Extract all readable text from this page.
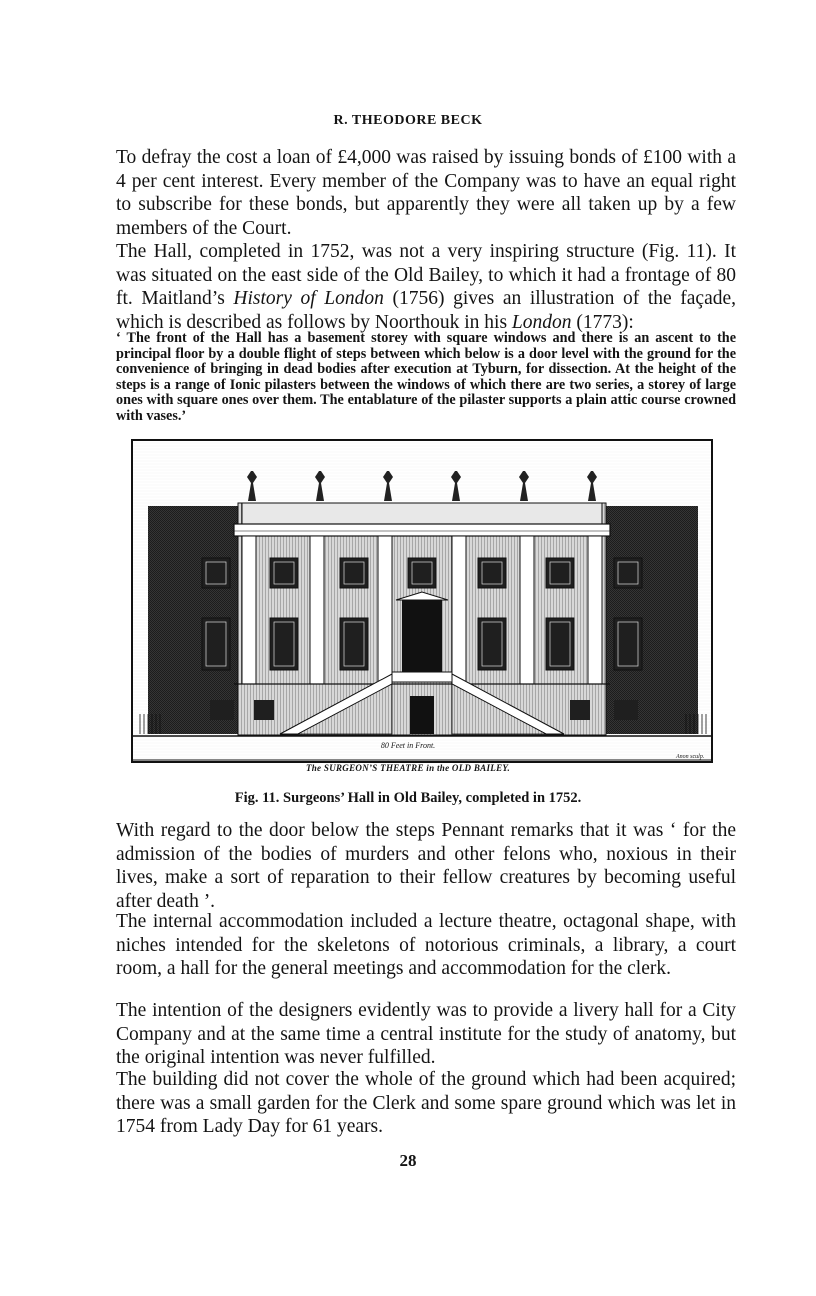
R. THEODORE BECK

To defray the cost a loan of £4,000 was raised by issuing bonds of £100 with a 4 per cent interest. Every member of the Company was to have an equal right to subscribe for these bonds, but apparently they were all taken up by a few members of the Court.

The Hall, completed in 1752, was not a very inspiring structure (Fig. 11). It was situated on the east side of the Old Bailey, to which it had a frontage of 80 ft. Maitland’s History of London (1756) gives an illustration of the façade, which is described as follows by Noorthouk in his London (1773):

‘ The front of the Hall has a basement storey with square windows and there is an ascent to the principal floor by a double flight of steps between which below is a door level with the ground for the convenience of bringing in dead bodies after execution at Tyburn, for dissection. At the height of the steps is a range of Ionic pilasters between the windows of which there are two series, a storey of large ones with square ones over them. The entablature of the pilaster supports a plain attic course crowned with vases.’

80 Feet in Front.
The SURGEON’S THEATRE in the OLD BAILEY.
Anon sculp.
Fig. 11. Surgeons’ Hall in Old Bailey, completed in 1752.

With regard to the door below the steps Pennant remarks that it was ‘ for the admission of the bodies of murders and other felons who, noxious in their lives, make a sort of reparation to their fellow creatures by becoming useful after death ’.

The internal accommodation included a lecture theatre, octagonal shape, with niches intended for the skeletons of notorious criminals, a library, a court room, a hall for the general meetings and accommodation for the clerk.

The intention of the designers evidently was to provide a livery hall for a City Company and at the same time a central institute for the study of anatomy, but the original intention was never fulfilled.

The building did not cover the whole of the ground which had been acquired; there was a small garden for the Clerk and some spare ground which was let in 1754 from Lady Day for 61 years.

28
